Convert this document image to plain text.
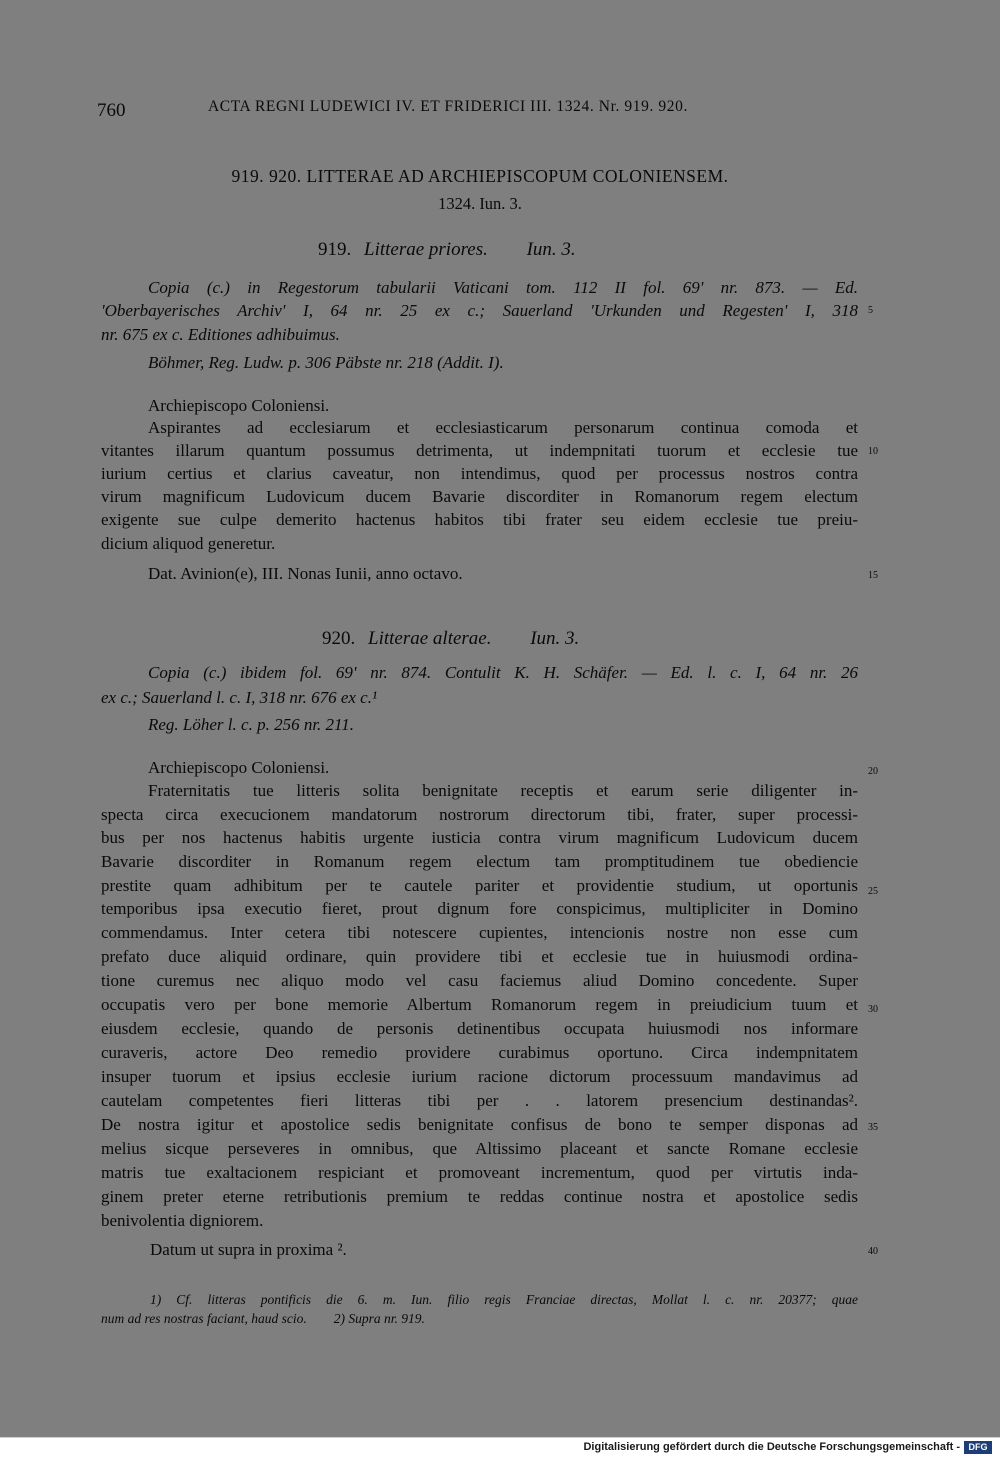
760	ACTA REGNI LUDEWICI IV. ET FRIDERICI III. 1324. Nr. 919. 920.
919. 920. LITTERAE AD ARCHIEPISCOPUM COLONIENSEM.
1324. Iun. 3.
919. Litterae priores. Iun. 3.
Copia (c.) in Regestorum tabularii Vaticani tom. 112 II fol. 69' nr. 873. — Ed.
'Oberbayerisches Archiv' I, 64 nr. 25 ex c.; Sauerland 'Urkunden und Regesten' I, 318
nr. 675 ex c. Editiones adhibuimus.
Böhmer, Reg. Ludw. p. 306 Päbste nr. 218 (Addit. I).
Archiepiscopo Coloniensi.
Aspirantes ad ecclesiarum et ecclesiasticarum personarum continua comoda et
vitantes illarum quantum possumus detrimenta, ut indempnitati tuorum et ecclesie tue
iurium certius et clarius caveatur, non intendimus, quod per processus nostros contra
virum magnificum Ludovicum ducem Bavarie discorditer in Romanorum regem electum
exigente sue culpe demerito hactenus habitos tibi frater seu eidem ecclesie tue preiu-
dicium aliquod generetur.
Dat. Avinion(e), III. Nonas Iunii, anno octavo.
920. Litterae alterae. Iun. 3.
Copia (c.) ibidem fol. 69' nr. 874. Contulit K. H. Schäfer. — Ed. l. c. I, 64 nr. 26
ex c.; Sauerland l. c. I, 318 nr. 676 ex c.¹
Reg. Löher l. c. p. 256 nr. 211.
Archiepiscopo Coloniensi.
Fraternitatis tue litteris solita benignitate receptis et earum serie diligenter in-
specta circa execucionem mandatorum nostrorum directorum tibi, frater, super processi-
bus per nos hactenus habitis urgente iusticia contra virum magnificum Ludovicum ducem
Bavarie discorditer in Romanum regem electum tam promptitudinem tue obediencie
prestite quam adhibitum per te cautele pariter et providentie studium, ut oportunis
temporibus ipsa executio fieret, prout dignum fore conspicimus, multipliciter in Domino
commendamus. Inter cetera tibi notescere cupientes, intencionis nostre non esse cum
prefato duce aliquid ordinare, quin providere tibi et ecclesie tue in huiusmodi ordina-
tione curemus nec aliquo modo vel casu faciemus aliud Domino concedente. Super
occupatis vero per bone memorie Albertum Romanorum regem in preiudicium tuum et
eiusdem ecclesie, quando de personis detinentibus occupata huiusmodi nos informare
curaveris, actore Deo remedio providere curabimus oportuno. Circa indempnitatem
insuper tuorum et ipsius ecclesie iurium racione dictorum processuum mandavimus ad
cautelam competentes fieri litteras tibi per . . latorem presencium destinandas².
De nostra igitur et apostolice sedis benignitate confisus de bono te semper disponas ad
melius sicque perseveres in omnibus, que Altissimo placeant et sancte Romane ecclesie
matris tue exaltacionem respiciant et promoveant incrementum, quod per virtutis inda-
ginem preter eterne retributionis premium te reddas continue nostra et apostolice sedis
benivolentia digniorem.
Datum ut supra in proxima ².
5
10
15
20
25
30
35
40
1) Cf. litteras pontificis die 6. m. Iun. filio regis Franciae directas, Mollat l. c. nr. 20377; quae
num ad res nostras faciant, haud scio.        2) Supra nr. 919.
Digitalisierung gefördert durch die Deutsche Forschungsgemeinschaft - DFG
